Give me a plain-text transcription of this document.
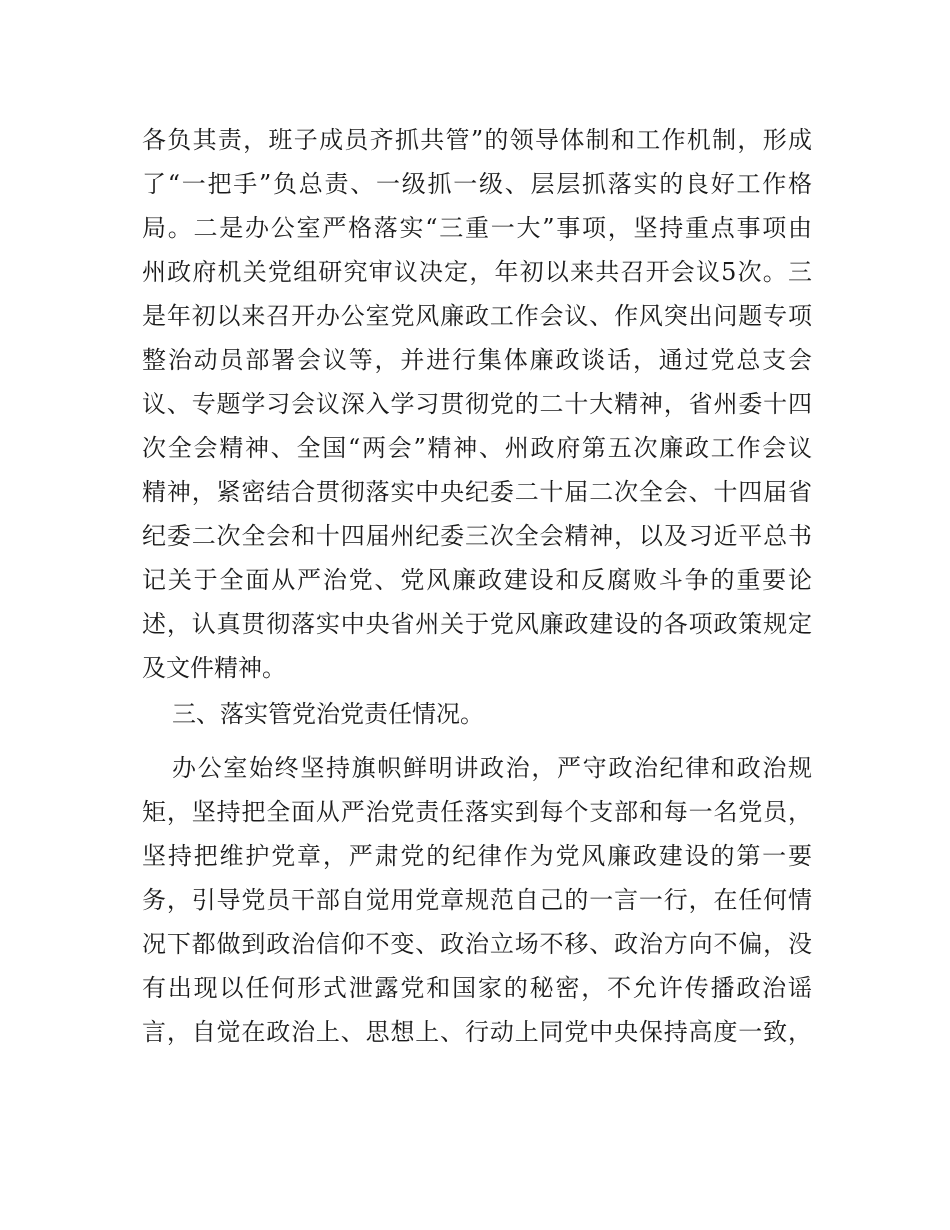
各负其责，班子成员齐抓共管”的领导体制和工作机制，形成
了“一把手”负总责、一级抓一级、层层抓落实的良好工作格
局。二是办公室严格落实“三重一大”事项，坚持重点事项由
州政府机关党组研究审议决定，年初以来共召开会议5次。三
是年初以来召开办公室党风廉政工作会议、作风突出问题专项
整治动员部署会议等，并进行集体廉政谈话，通过党总支会
议、专题学习会议深入学习贯彻党的二十大精神，省州委十四
次全会精神、全国“两会”精神、州政府第五次廉政工作会议
精神，紧密结合贯彻落实中央纪委二十届二次全会、十四届省
纪委二次全会和十四届州纪委三次全会精神，以及习近平总书
记关于全面从严治党、党风廉政建设和反腐败斗争的重要论
述，认真贯彻落实中央省州关于党风廉政建设的各项政策规定
及文件精神。
三、落实管党治党责任情况。
办公室始终坚持旗帜鲜明讲政治，严守政治纪律和政治规
矩，坚持把全面从严治党责任落实到每个支部和每一名党员，
坚持把维护党章，严肃党的纪律作为党风廉政建设的第一要
务，引导党员干部自觉用党章规范自己的一言一行，在任何情
况下都做到政治信仰不变、政治立场不移、政治方向不偏，没
有出现以任何形式泄露党和国家的秘密，不允许传播政治谣
言，自觉在政治上、思想上、行动上同党中央保持高度一致，
